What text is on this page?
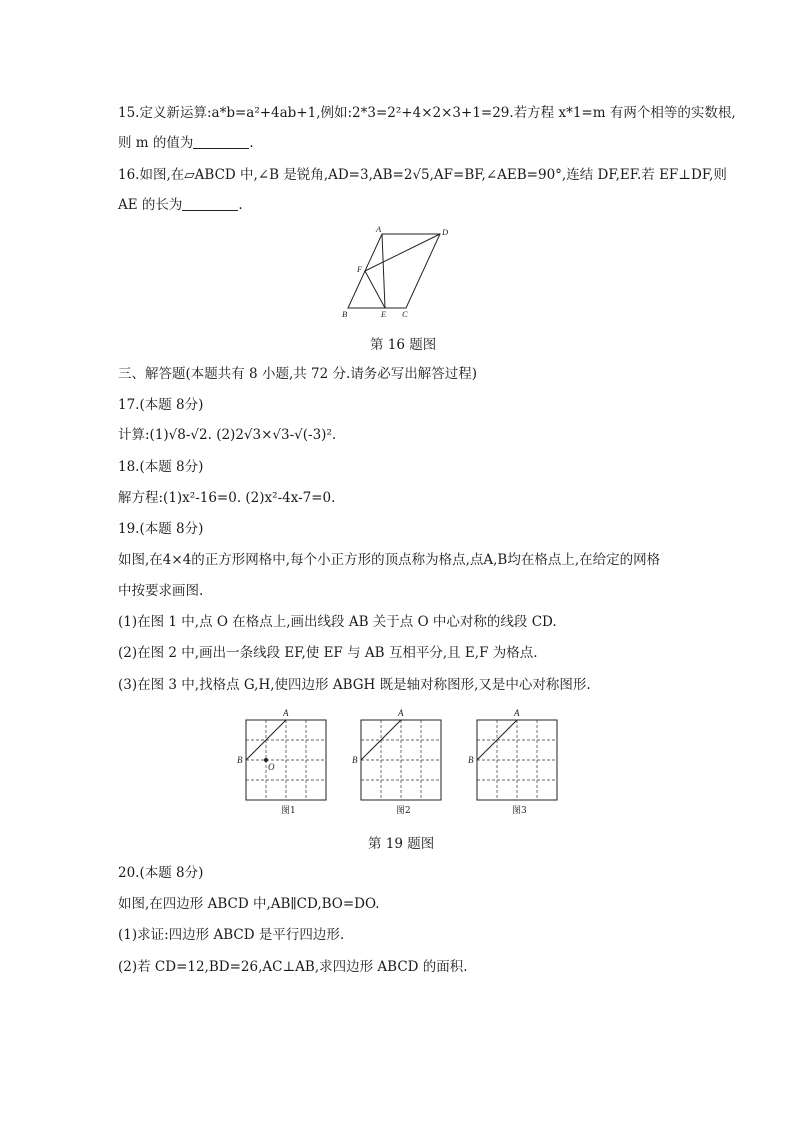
15.定义新运算:a*b=a²+4ab+1,例如:2*3=2²+4×2×3+1=29.若方程 x*1=m 有两个相等的实数根,
则 m 的值为	.
16.如图,在▱ABCD 中,∠B 是锐角,AD=3,AB=2√5,AF=BF,∠AEB=90°,连结 DF,EF.若 EF⊥DF,则
AE 的长为	.
A	D
F
B	E C
第 16 题图
三、解答题(本题共有 8 小题,共 72 分.请务必写出解答过程)
17.(本题 8分)
计算:(1)√8-√2. (2)2√3×√3-√(-3)².
18.(本题 8分)
解方程:(1)x²-16=0. (2)x²-4x-7=0.
19.(本题 8分)
如图,在4×4的正方形网格中,每个小正方形的顶点称为格点,点A,B均在格点上,在给定的网格
中按要求画图.
(1)在图 1 中,点 O 在格点上,画出线段 AB 关于点 O 中心对称的线段 CD.
(2)在图 2 中,画出一条线段 EF,使 EF 与 AB 互相平分,且 E,F 为格点.
(3)在图 3 中,找格点 G,H,使四边形 ABGH 既是轴对称图形,又是中心对称图形.
A
B
O
图1
A
B
图2
A
B
图3
第 19 题图
20.(本题 8分)
如图,在四边形 ABCD 中,AB∥CD,BO=DO.
(1)求证:四边形 ABCD 是平行四边形.
(2)若 CD=12,BD=26,AC⊥AB,求四边形 ABCD 的面积.
